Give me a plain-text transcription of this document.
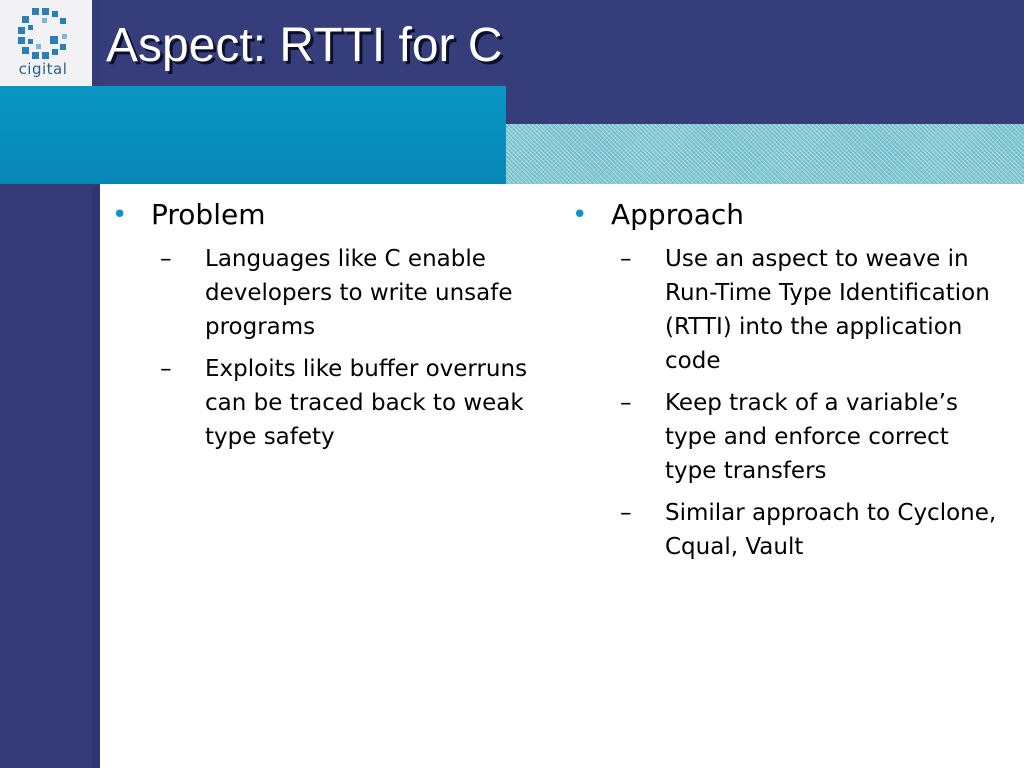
cigital Aspect: RTTI for C
• Problem
–	Languages like C enable developers to write unsafe programs
–	Exploits like buffer overruns can be traced back to weak type safety
• Approach
–	Use an aspect to weave in Run-Time Type Identification (RTTI) into the application code
–	Keep track of a variable’s type and enforce correct type transfers
–	Similar approach to Cyclone, Cqual, Vault
